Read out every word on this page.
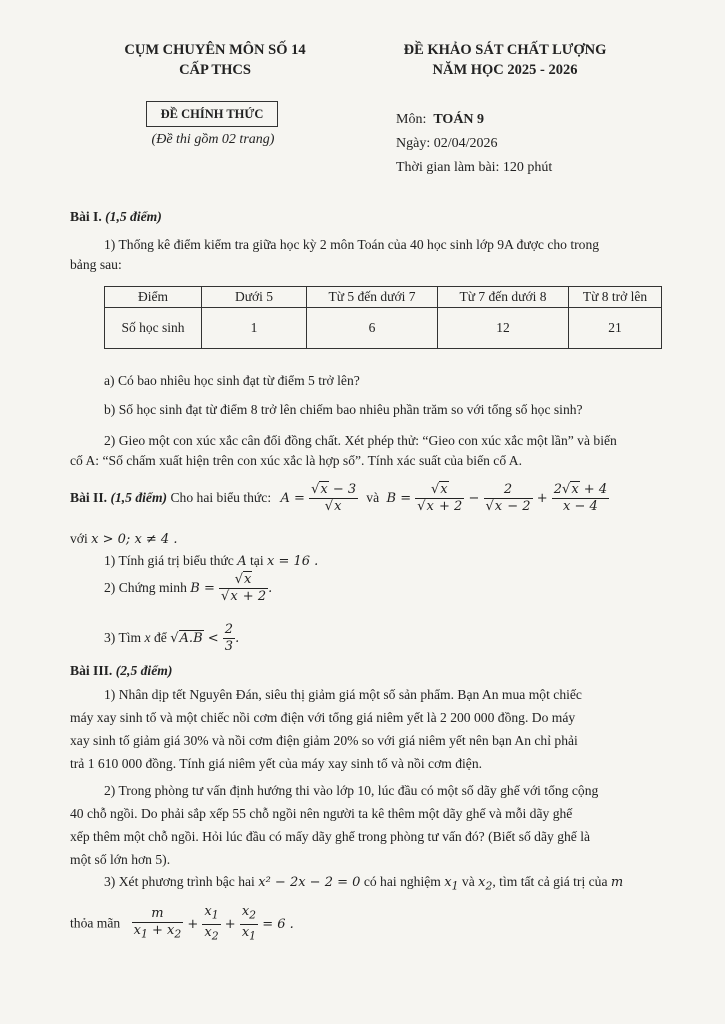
CỤM CHUYÊN MÔN SỐ 14
CẤP THCS
ĐỀ KHẢO SÁT CHẤT LƯỢNG
NĂM HỌC 2025 - 2026
ĐỀ CHÍNH THỨC
(Đề thi gồm 02 trang)
Môn: TOÁN 9
Ngày: 02/04/2026
Thời gian làm bài: 120 phút
Bài I. (1,5 điểm)
1) Thống kê điểm kiểm tra giữa học kỳ 2 môn Toán của 40 học sinh lớp 9A được cho trong
bảng sau:
Điểm	Dưới 5	Từ 5 đến dưới 7	Từ 7 đến dưới 8	Từ 8 trở lên
Số học sinh	1	6	12	21
a) Có bao nhiêu học sinh đạt từ điểm 5 trở lên?
b) Số học sinh đạt từ điểm 8 trở lên chiếm bao nhiêu phần trăm so với tổng số học sinh?
2) Gieo một con xúc xắc cân đối đồng chất. Xét phép thử: “Gieo con xúc xắc một lần” và biến
cố A: “Số chấm xuất hiện trên con xúc xắc là hợp số”. Tính xác suất của biến cố A.
Bài II. (1,5 điểm) Cho hai biểu thức: $A = \frac{√x - 3}{√x}$ và $B = \frac{√x}{√x + 2} - \frac{2}{√x - 2} + \frac{2√x + 4}{x - 4}$
với x > 0; x ≠ 4 .
1) Tính giá trị biểu thức A tại x = 16 .
2) Chứng minh $B = \frac{√x}{√x + 2}$ .
3) Tìm x để $√A.B < \frac{2}{3}$ .
Bài III. (2,5 điểm)
1) Nhân dịp tết Nguyên Đán, siêu thị giảm giá một số sản phẩm. Bạn An mua một chiếc
máy xay sinh tố và một chiếc nồi cơm điện với tổng giá niêm yết là 2 200 000 đồng. Do máy
xay sinh tố giảm giá 30% và nồi cơm điện giảm 20% so với giá niêm yết nên bạn An chỉ phải
trả 1 610 000 đồng. Tính giá niêm yết của máy xay sinh tố và nồi cơm điện.
2) Trong phòng tư vấn định hướng thi vào lớp 10, lúc đầu có một số dãy ghế với tổng cộng
40 chỗ ngồi. Do phải sắp xếp 55 chỗ ngồi nên người ta kê thêm một dãy ghế và mỗi dãy ghế
xếp thêm một chỗ ngồi. Hỏi lúc đầu có mấy dãy ghế trong phòng tư vấn đó? (Biết số dãy ghế là
một số lớn hơn 5).
3) Xét phương trình bậc hai x² − 2x − 2 = 0 có hai nghiệm $x_1$ và $x_2$, tìm tất cả giá trị của m
thỏa mãn $\frac{m}{x_1 + x_2} + \frac{x_1}{x_2} + \frac{x_2}{x_1} = 6$ .
